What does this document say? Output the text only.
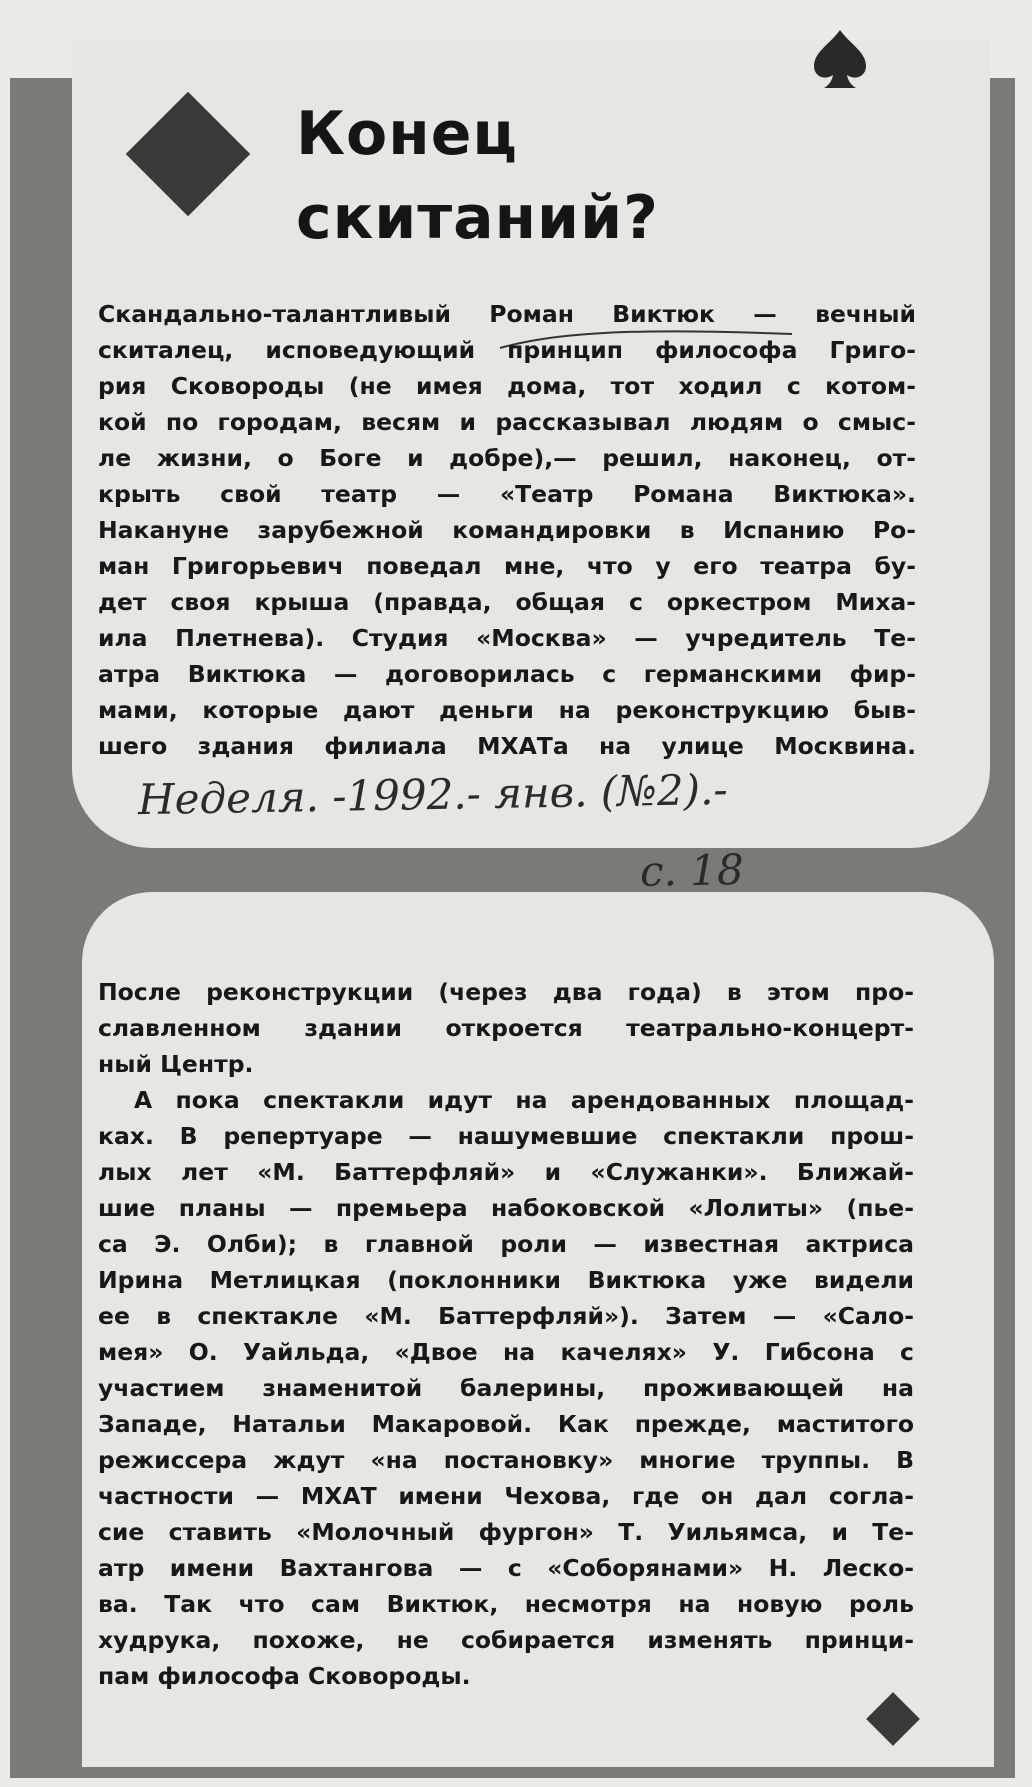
Конец
скитаний?
Скандально-талантливый Роман Виктюк — вечный
скиталец, исповедующий принцип философа Григо-
рия Сковороды (не имея дома, тот ходил с котом-
кой по городам, весям и рассказывал людям о смыс-
ле жизни, о Боге и добре),— решил, наконец, от-
крыть свой театр — «Театр Романа Виктюка».
Накануне зарубежной командировки в Испанию Ро-
ман Григорьевич поведал мне, что у его театра бу-
дет своя крыша (правда, общая с оркестром Миха-
ила Плетнева). Студия «Москва» — учредитель Те-
атра Виктюка — договорилась с германскими фир-
мами, которые дают деньги на реконструкцию быв-
шего здания филиала МХАТа на улице Москвина.
Неделя. -1992.- янв. (№2).-
с. 18
После реконструкции (через два года) в этом про-
славленном здании откроется театрально-концерт-
ный Центр.
А пока спектакли идут на арендованных площад-
ках. В репертуаре — нашумевшие спектакли прош-
лых лет «М. Баттерфляй» и «Служанки». Ближай-
шие планы — премьера набоковской «Лолиты» (пье-
са Э. Олби); в главной роли — известная актриса
Ирина Метлицкая (поклонники Виктюка уже видели
ее в спектакле «М. Баттерфляй»). Затем — «Сало-
мея» О. Уайльда, «Двое на качелях» У. Гибсона с
участием знаменитой балерины, проживающей на
Западе, Натальи Макаровой. Как прежде, маститого
режиссера ждут «на постановку» многие труппы. В
частности — МХАТ имени Чехова, где он дал согла-
сие ставить «Молочный фургон» Т. Уильямса, и Те-
атр имени Вахтангова — с «Соборянами» Н. Леско-
ва. Так что сам Виктюк, несмотря на новую роль
худрука, похоже, не собирается изменять принци-
пам философа Сковороды.
